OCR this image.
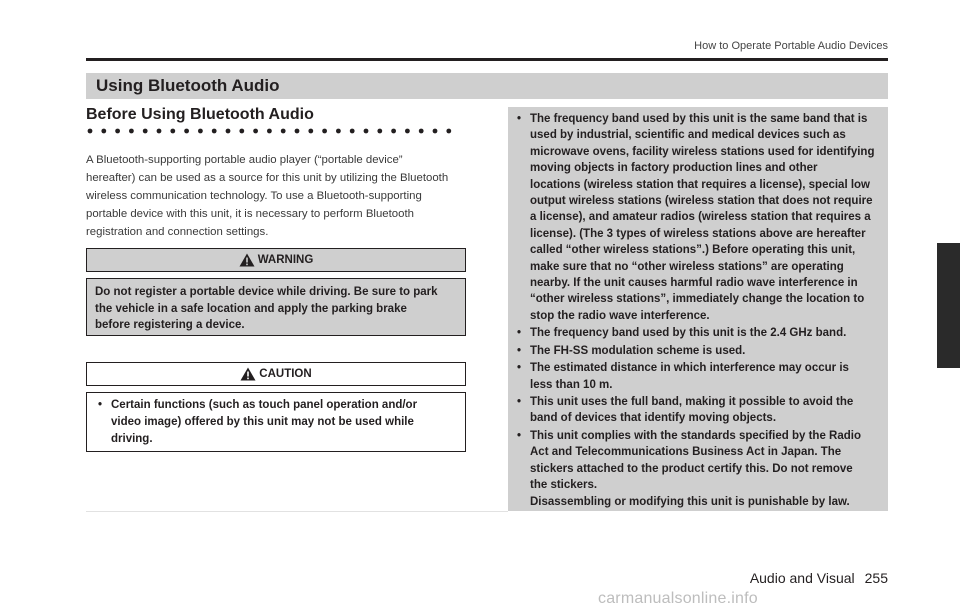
How to Operate Portable Audio Devices
Using Bluetooth Audio
Before Using Bluetooth Audio
A Bluetooth-supporting portable audio player (“portable device”
hereafter) can be used as a source for this unit by utilizing the Bluetooth
wireless communication technology. To use a Bluetooth-supporting
portable device with this unit, it is necessary to perform Bluetooth
registration and connection settings.
WARNING
Do not register a portable device while driving. Be sure to park
the vehicle in a safe location and apply the parking brake
before registering a device.
CAUTION
• Certain functions (such as touch panel operation and/or
video image) offered by this unit may not be used while
driving.
• The frequency band used by this unit is the same band that is
used by industrial, scientific and medical devices such as
microwave ovens, facility wireless stations used for identifying
moving objects in factory production lines and other
locations (wireless station that requires a license), special low
output wireless stations (wireless station that does not require
a license), and amateur radios (wireless station that requires a
license). (The 3 types of wireless stations above are hereafter
called “other wireless stations”.) Before operating this unit,
make sure that no “other wireless stations” are operating
nearby. If the unit causes harmful radio wave interference in
“other wireless stations”, immediately change the location to
stop the radio wave interference.
• The frequency band used by this unit is the 2.4 GHz band.
• The FH-SS modulation scheme is used.
• The estimated distance in which interference may occur is
less than 10 m.
• This unit uses the full band, making it possible to avoid the
band of devices that identify moving objects.
• This unit complies with the standards specified by the Radio
Act and Telecommunications Business Act in Japan. The
stickers attached to the product certify this. Do not remove
the stickers.
Disassembling or modifying this unit is punishable by law.
Audio and Visual 255
carmanualsonline.info
